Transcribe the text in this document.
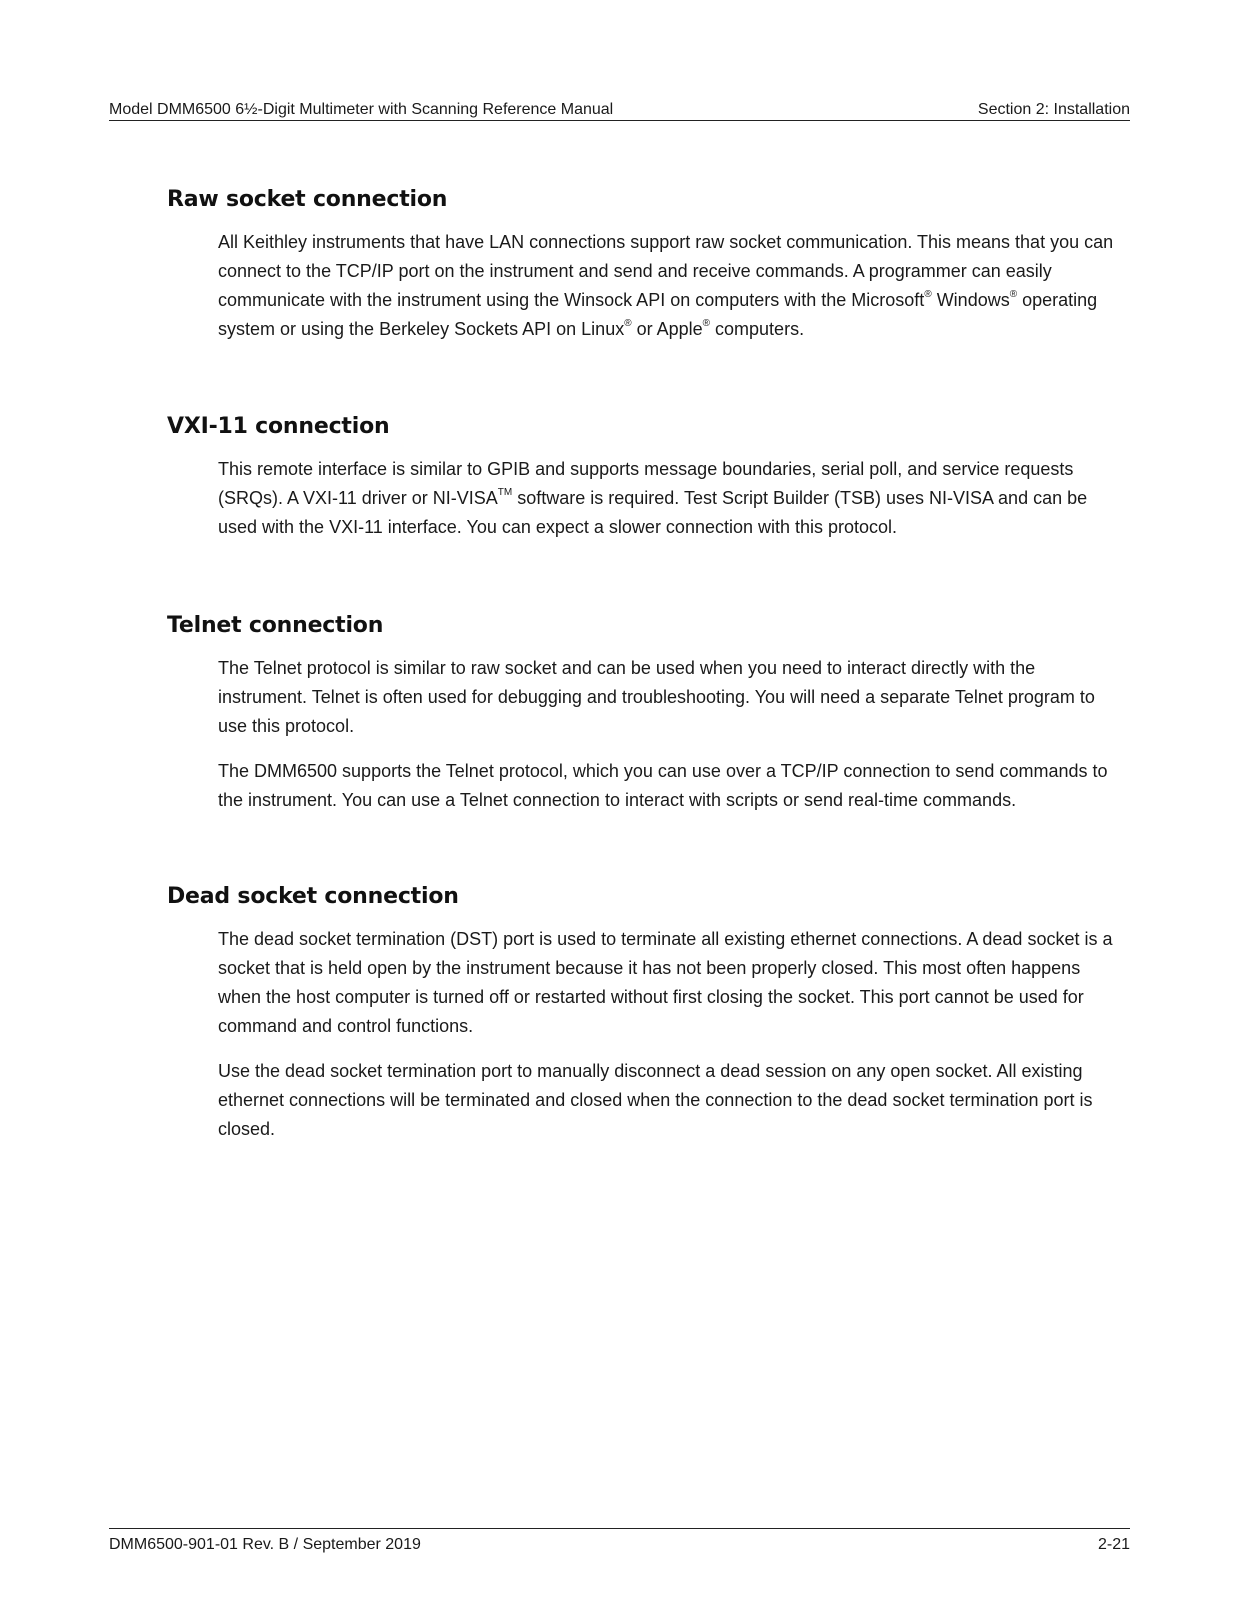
Model DMM6500 6½-Digit Multimeter with Scanning Reference Manual	Section 2: Installation
Raw socket connection

All Keithley instruments that have LAN connections support raw socket communication. This means that you can connect to the TCP/IP port on the instrument and send and receive commands. A programmer can easily communicate with the instrument using the Winsock API on computers with the Microsoft® Windows® operating system or using the Berkeley Sockets API on Linux® or Apple® computers.

VXI-11 connection

This remote interface is similar to GPIB and supports message boundaries, serial poll, and service requests (SRQs). A VXI-11 driver or NI-VISA™ software is required. Test Script Builder (TSB) uses NI-VISA and can be used with the VXI-11 interface. You can expect a slower connection with this protocol.

Telnet connection

The Telnet protocol is similar to raw socket and can be used when you need to interact directly with the instrument. Telnet is often used for debugging and troubleshooting. You will need a separate Telnet program to use this protocol.

The DMM6500 supports the Telnet protocol, which you can use over a TCP/IP connection to send commands to the instrument. You can use a Telnet connection to interact with scripts or send real-time commands.

Dead socket connection

The dead socket termination (DST) port is used to terminate all existing ethernet connections. A dead socket is a socket that is held open by the instrument because it has not been properly closed. This most often happens when the host computer is turned off or restarted without first closing the socket. This port cannot be used for command and control functions.

Use the dead socket termination port to manually disconnect a dead session on any open socket. All existing ethernet connections will be terminated and closed when the connection to the dead socket termination port is closed.

DMM6500-901-01 Rev. B / September 2019	2-21
